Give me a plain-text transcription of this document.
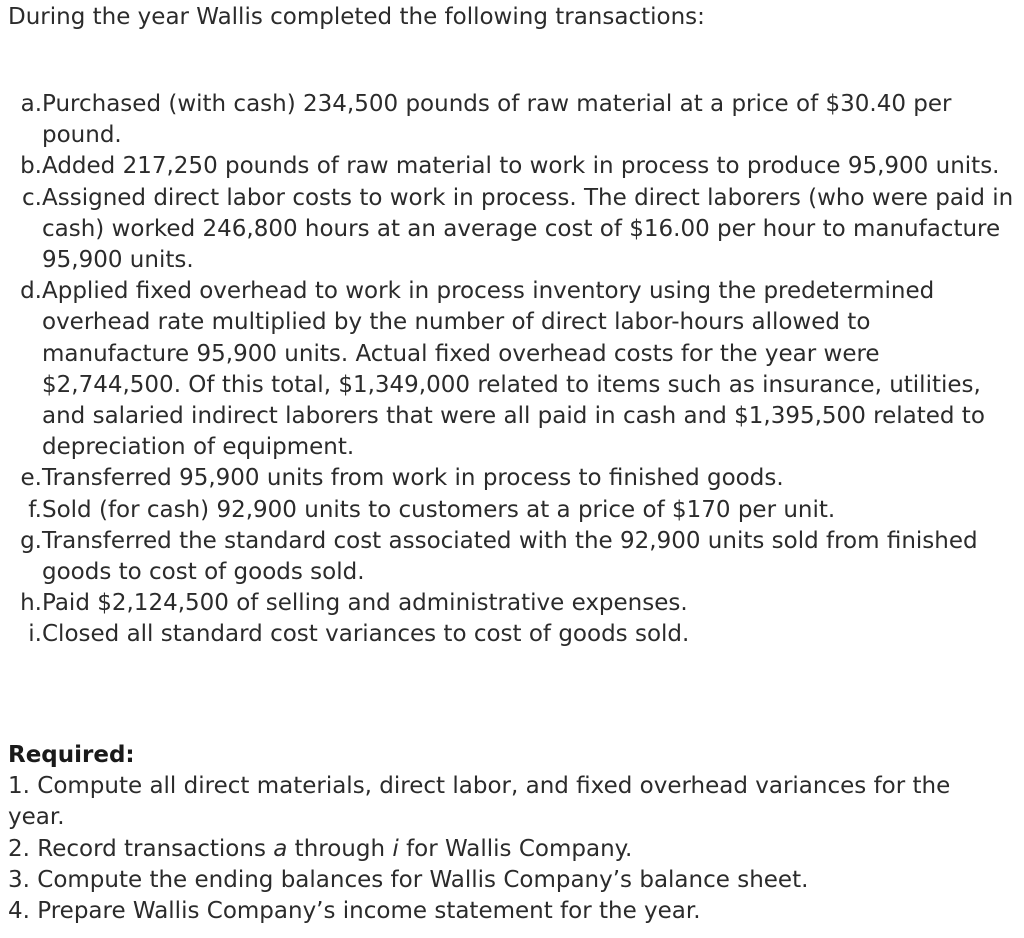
During the year Wallis completed the following transactions:

a. Purchased (with cash) 234,500 pounds of raw material at a price of $30.40 per pound.
b. Added 217,250 pounds of raw material to work in process to produce 95,900 units.
c. Assigned direct labor costs to work in process. The direct laborers (who were paid in cash) worked 246,800 hours at an average cost of $16.00 per hour to manufacture 95,900 units.
d. Applied fixed overhead to work in process inventory using the predetermined overhead rate multiplied by the number of direct labor-hours allowed to manufacture 95,900 units. Actual fixed overhead costs for the year were $2,744,500. Of this total, $1,349,000 related to items such as insurance, utilities, and salaried indirect laborers that were all paid in cash and $1,395,500 related to depreciation of equipment.
e. Transferred 95,900 units from work in process to finished goods.
f. Sold (for cash) 92,900 units to customers at a price of $170 per unit.
g. Transferred the standard cost associated with the 92,900 units sold from finished goods to cost of goods sold.
h. Paid $2,124,500 of selling and administrative expenses.
i. Closed all standard cost variances to cost of goods sold.

Required:

1. Compute all direct materials, direct labor, and fixed overhead variances for the year.
2. Record transactions a through i for Wallis Company.
3. Compute the ending balances for Wallis Company’s balance sheet.
4. Prepare Wallis Company’s income statement for the year.
